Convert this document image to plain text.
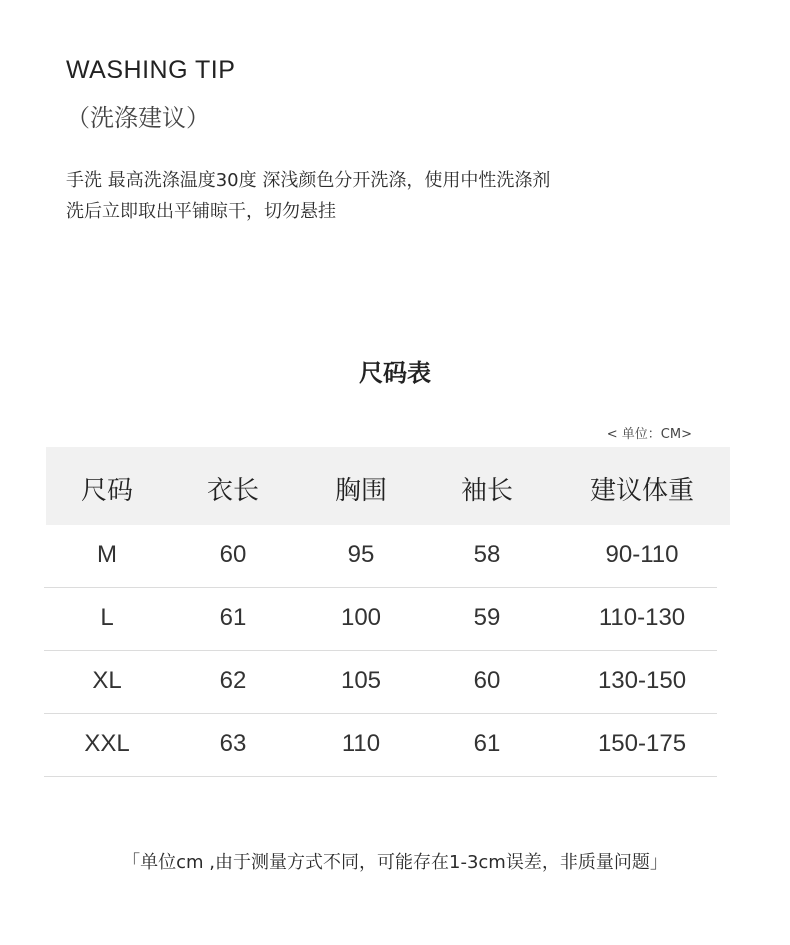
WASHING TIP
（洗涤建议）
手洗 最高洗涤温度30度 深浅颜色分开洗涤，使用中性洗涤剂
洗后立即取出平铺晾干，切勿悬挂
尺码表
< 单位：CM>
尺码	衣长	胸围	袖长	建议体重
M	60	95	58	90-110
L	61	100	59	110-130
XL	62	105	60	130-150
XXL	63	110	61	150-175
「单位cm ,由于测量方式不同，可能存在1-3cm误差，非质量问题」
